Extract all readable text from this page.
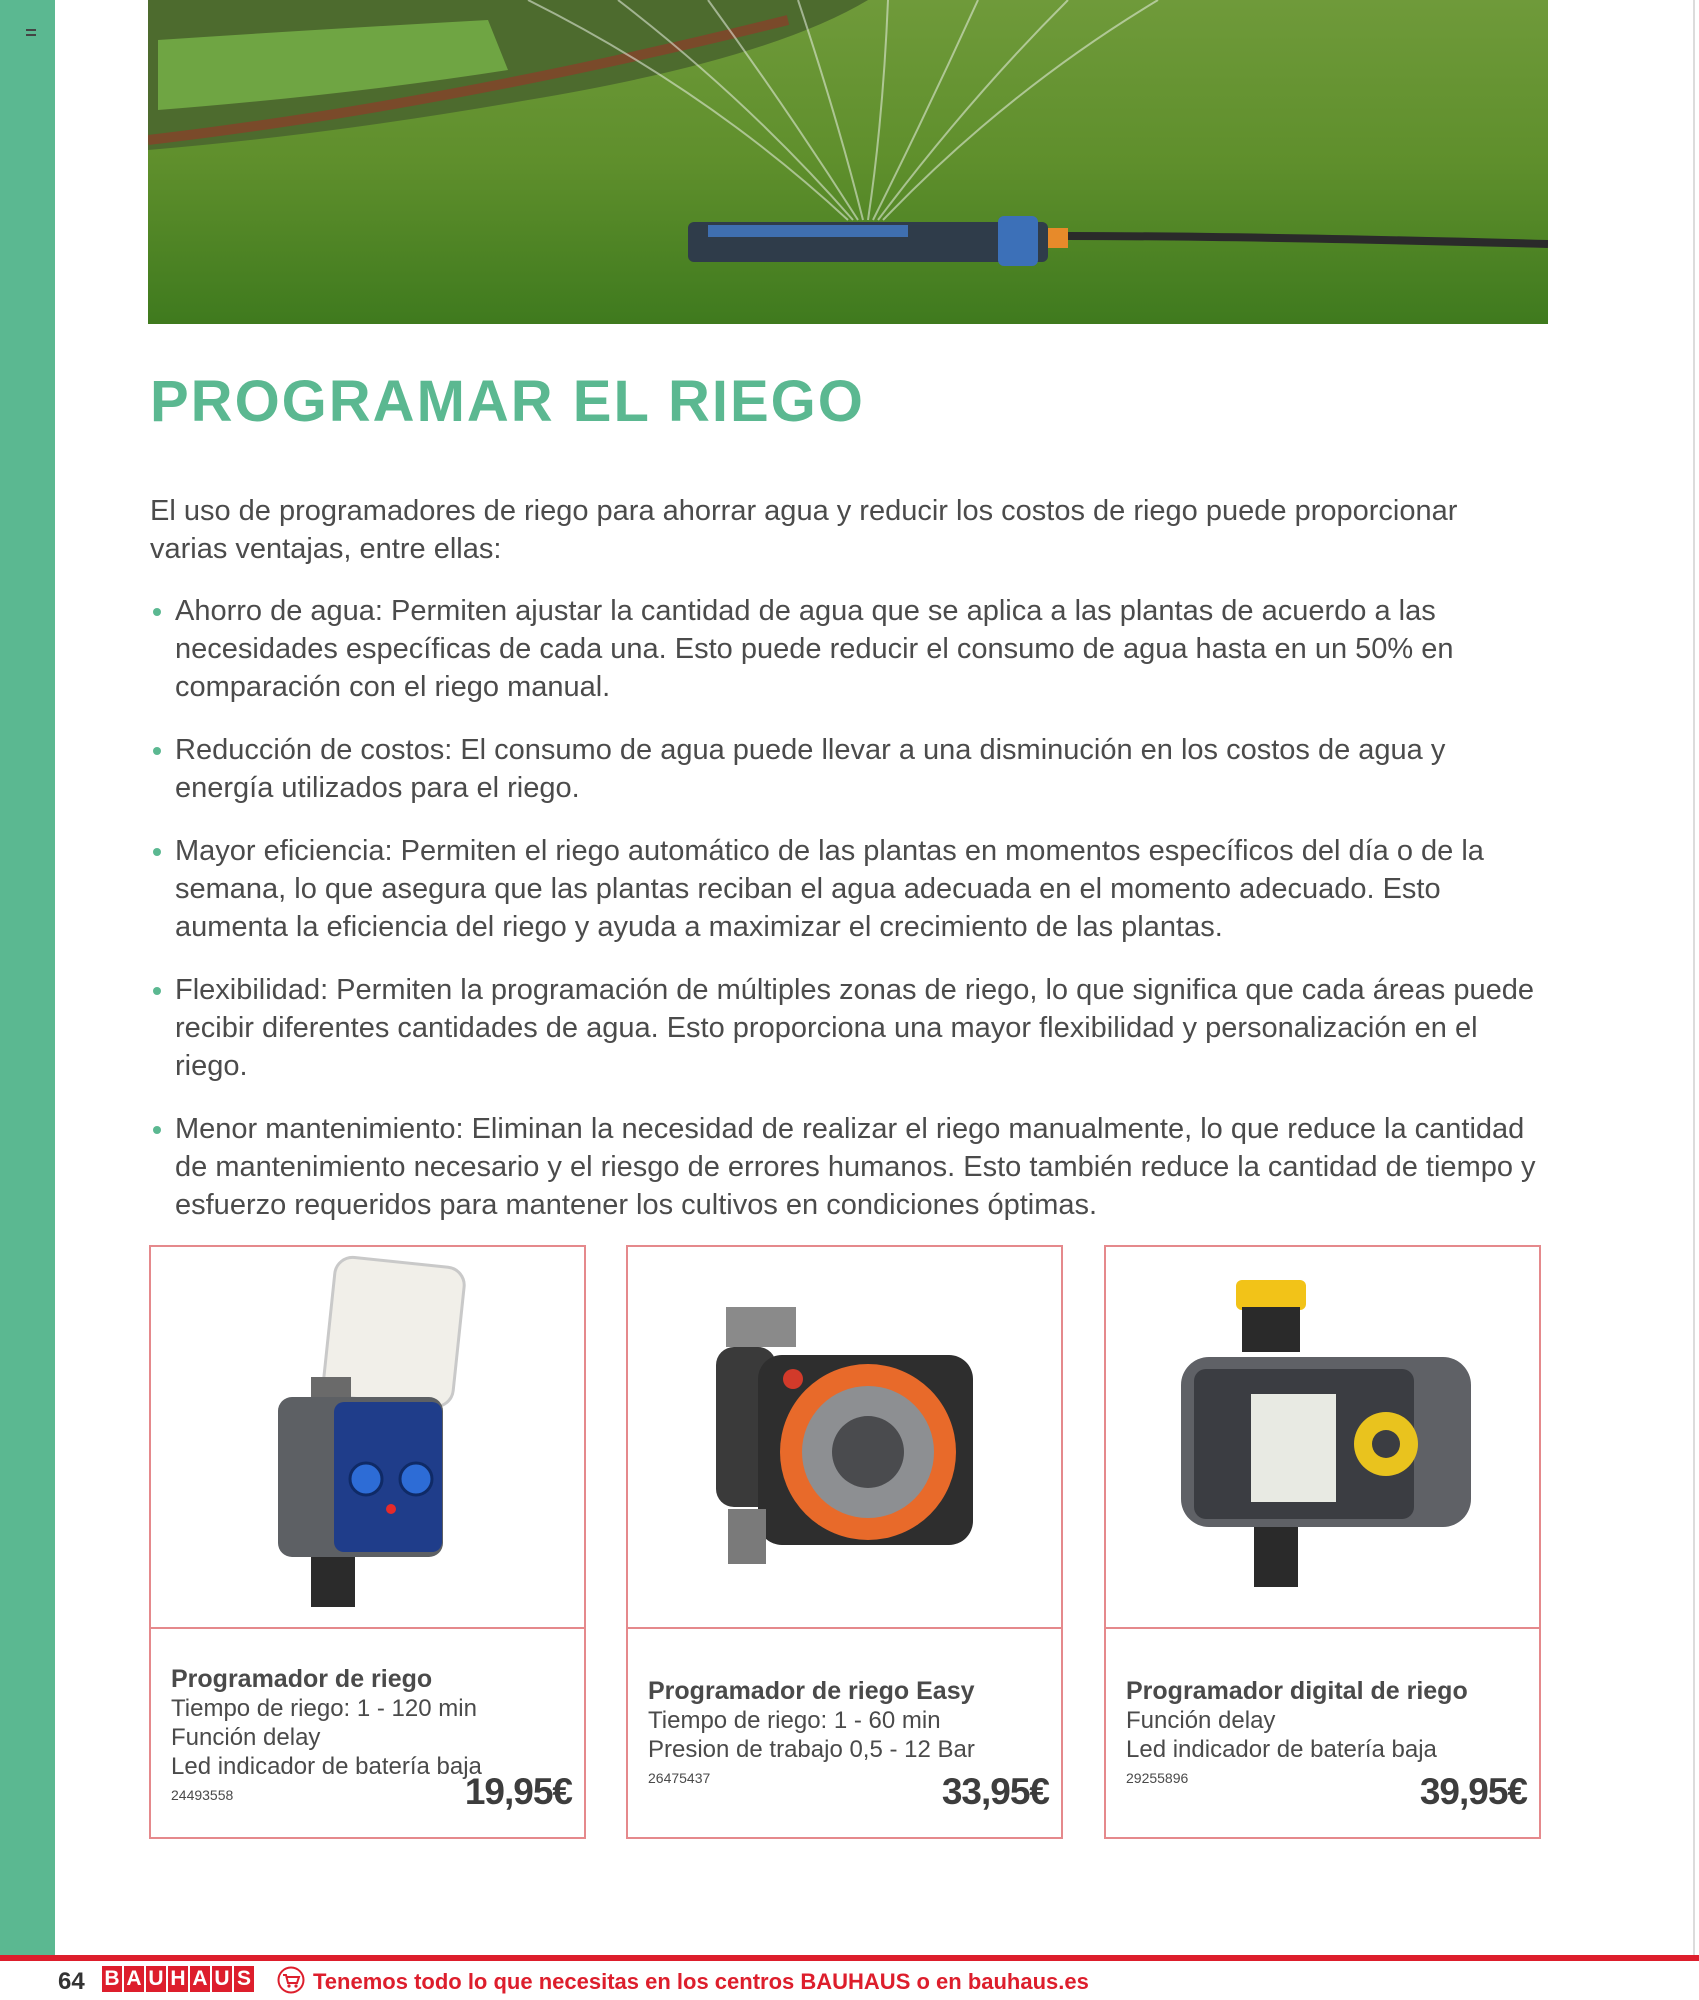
PROGRAMAR EL RIEGO

El uso de programadores de riego para ahorrar agua y reducir los costos de riego puede proporcionar varias ventajas, entre ellas:

Ahorro de agua: Permiten ajustar la cantidad de agua que se aplica a las plantas de acuerdo a las necesidades específicas de cada una. Esto puede reducir el consumo de agua hasta en un 50% en comparación con el riego manual.
Reducción de costos: El consumo de agua puede llevar a una disminución en los costos de agua y energía utilizados para el riego.
Mayor eficiencia: Permiten el riego automático de las plantas en momentos específicos del día o de la semana, lo que asegura que las plantas reciban el agua adecuada en el momento adecuado. Esto aumenta la eficiencia del riego y ayuda a maximizar el crecimiento de las plantas.
Flexibilidad: Permiten la programación de múltiples zonas de riego, lo que significa que cada áreas puede recibir diferentes cantidades de agua. Esto proporciona una mayor flexibilidad y personalización en el riego.
Menor mantenimiento: Eliminan la necesidad de realizar el riego manualmente, lo que reduce la cantidad de mantenimiento necesario y el riesgo de errores humanos. Esto también reduce la cantidad de tiempo y esfuerzo requeridos para mantener los cultivos en condiciones óptimas.

Programador de riego

Tiempo de riego: 1 - 120 min

Función delay

Led indicador de batería baja

24493558	19,95€

Programador de riego Easy

Tiempo de riego: 1 - 60 min

Presion de trabajo 0,5 - 12 Bar

26475437	33,95€

Programador digital de riego

Función delay

Led indicador de batería baja

29255896	39,95€
64 B A U H A U S	Tenemos todo lo que necesitas en los centros BAUHAUS o en bauhaus.es
